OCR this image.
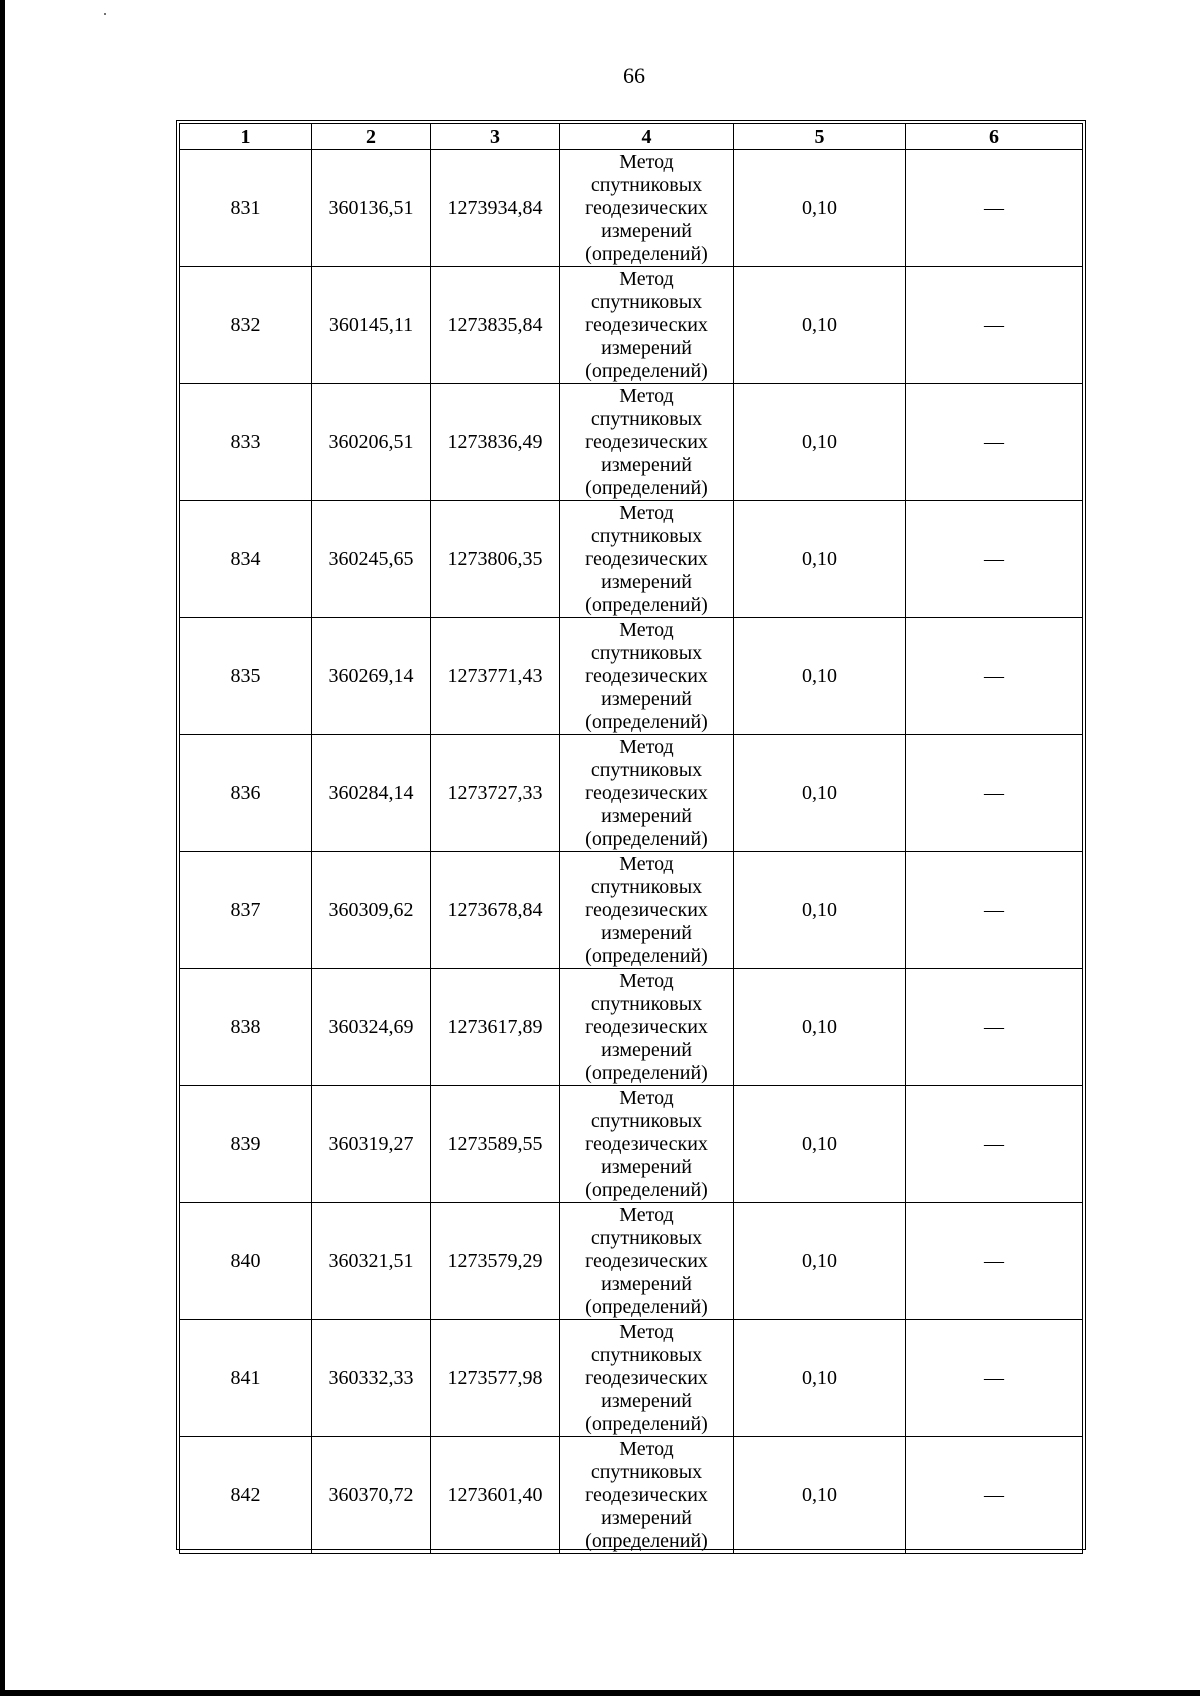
66
1	2	3	4	5	6
831	360136,51	1273934,84	Метод
спутниковых
геодезических
измерений
(определений)	0,10	—
832	360145,11	1273835,84	Метод
спутниковых
геодезических
измерений
(определений)	0,10	—
833	360206,51	1273836,49	Метод
спутниковых
геодезических
измерений
(определений)	0,10	—
834	360245,65	1273806,35	Метод
спутниковых
геодезических
измерений
(определений)	0,10	—
835	360269,14	1273771,43	Метод
спутниковых
геодезических
измерений
(определений)	0,10	—
836	360284,14	1273727,33	Метод
спутниковых
геодезических
измерений
(определений)	0,10	—
837	360309,62	1273678,84	Метод
спутниковых
геодезических
измерений
(определений)	0,10	—
838	360324,69	1273617,89	Метод
спутниковых
геодезических
измерений
(определений)	0,10	—
839	360319,27	1273589,55	Метод
спутниковых
геодезических
измерений
(определений)	0,10	—
840	360321,51	1273579,29	Метод
спутниковых
геодезических
измерений
(определений)	0,10	—
841	360332,33	1273577,98	Метод
спутниковых
геодезических
измерений
(определений)	0,10	—
842	360370,72	1273601,40	Метод
спутниковых
геодезических
измерений
(определений)	0,10	—
